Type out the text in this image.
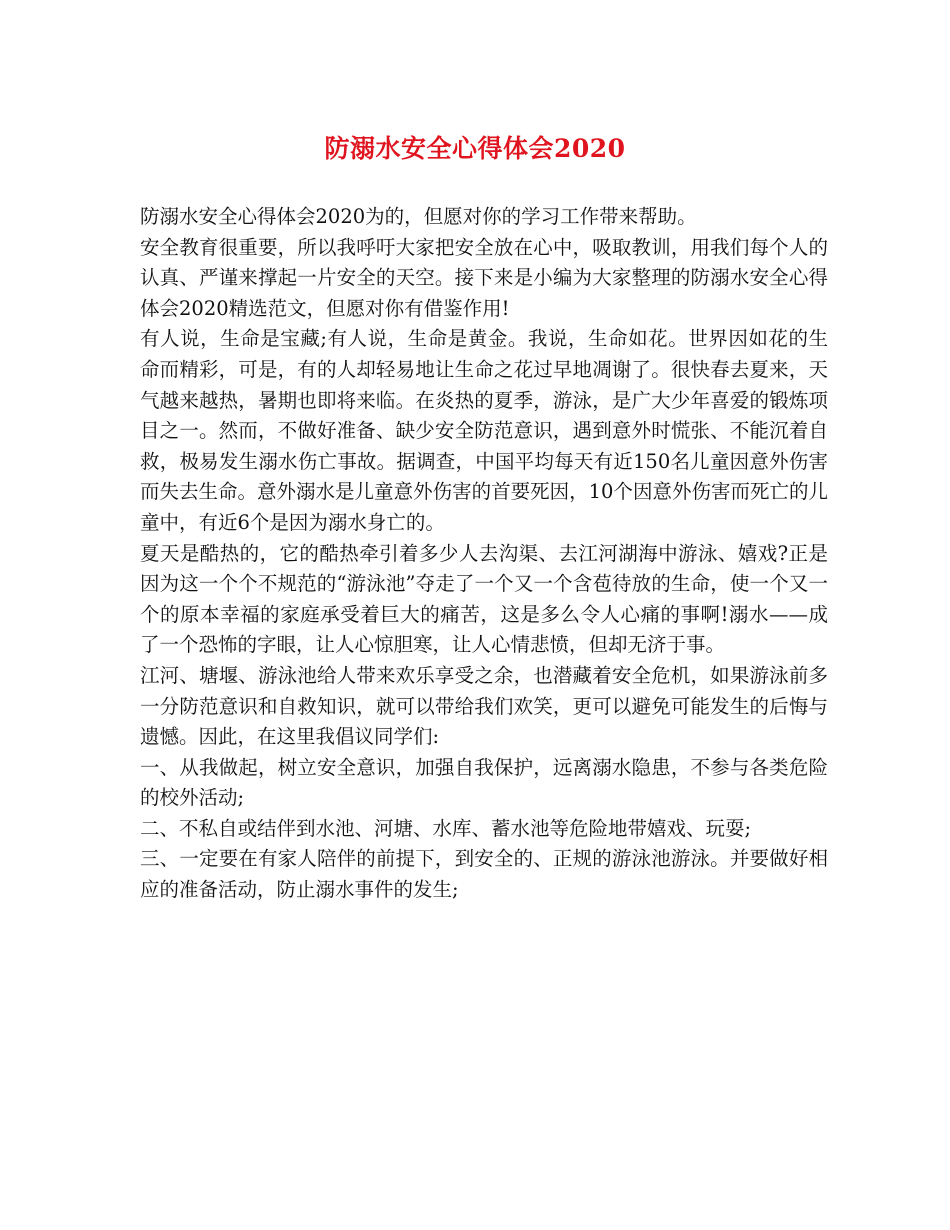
防溺水安全心得体会2020

防溺水安全心得体会2020为的，但愿对你的学习工作带来帮助。

安全教育很重要，所以我呼吁大家把安全放在心中，吸取教训，用我们每个人的认真、严谨来撑起一片安全的天空。接下来是小编为大家整理的防溺水安全心得体会2020精选范文，但愿对你有借鉴作用!

有人说，生命是宝藏;有人说，生命是黄金。我说，生命如花。世界因如花的生命而精彩，可是，有的人却轻易地让生命之花过早地凋谢了。很快春去夏来，天气越来越热，暑期也即将来临。在炎热的夏季，游泳，是广大少年喜爱的锻炼项目之一。然而，不做好准备、缺少安全防范意识，遇到意外时慌张、不能沉着自救，极易发生溺水伤亡事故。据调查，中国平均每天有近150名儿童因意外伤害而失去生命。意外溺水是儿童意外伤害的首要死因，10个因意外伤害而死亡的儿童中，有近6个是因为溺水身亡的。

夏天是酷热的，它的酷热牵引着多少人去沟渠、去江河湖海中游泳、嬉戏?正是因为这一个个不规范的“游泳池”夺走了一个又一个含苞待放的生命，使一个又一个的原本幸福的家庭承受着巨大的痛苦，这是多么令人心痛的事啊!溺水——成了一个恐怖的字眼，让人心惊胆寒，让人心情悲愤，但却无济于事。

江河、塘堰、游泳池给人带来欢乐享受之余，也潜藏着安全危机，如果游泳前多一分防范意识和自救知识，就可以带给我们欢笑，更可以避免可能发生的后悔与遗憾。因此，在这里我倡议同学们:

一、从我做起，树立安全意识，加强自我保护，远离溺水隐患，不参与各类危险的校外活动;

二、不私自或结伴到水池、河塘、水库、蓄水池等危险地带嬉戏、玩耍;

三、一定要在有家人陪伴的前提下，到安全的、正规的游泳池游泳。并要做好相应的准备活动，防止溺水事件的发生;
